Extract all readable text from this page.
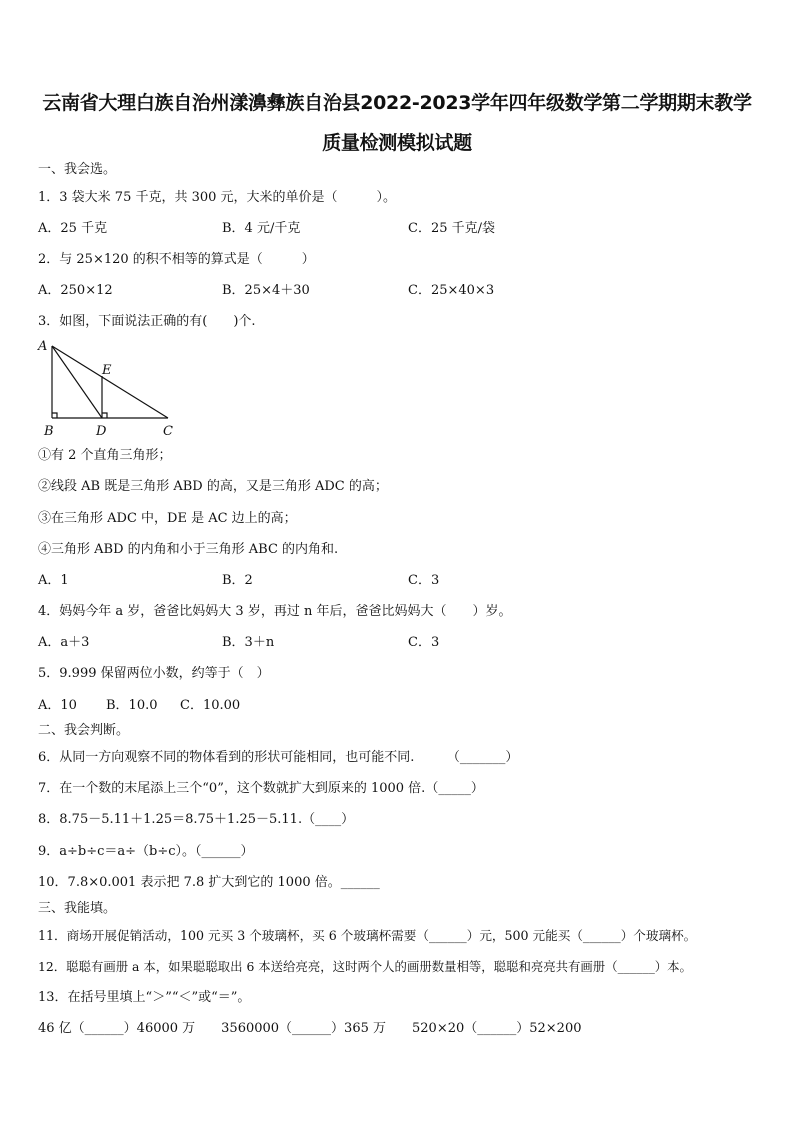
云南省大理白族自治州漾濞彝族自治县2022-2023学年四年级数学第二学期期末教学
质量检测模拟试题
一、我会选。
1．3 袋大米 75 千克，共 300 元，大米的单价是（　　　）。
A．25 千克	B．4 元/千克	C．25 千克/袋
2．与 25×120 的积不相等的算式是（　　　）
A．250×12	B．25×4＋30	C．25×40×3
3．如图，下面说法正确的有(　　)个.
A
B	D	C
E
①有 2 个直角三角形；
②线段 AB 既是三角形 ABD 的高，又是三角形 ADC 的高；
③在三角形 ADC 中，DE 是 AC 边上的高；
④三角形 ABD 的内角和小于三角形 ABC 的内角和.
A．1	B．2	C．3
4．妈妈今年 a 岁，爸爸比妈妈大 3 岁，再过 n 年后，爸爸比妈妈大（　　）岁。
A．a＋3	B．3＋n	C．3
5．9.999 保留两位小数，约等于（　）
A．10 B．10.0 C．10.00
二、我会判断。
6．从同一方向观察不同的物体看到的形状可能相同，也可能不同.　　　（_______）
7．在一个数的末尾添上三个“0”，这个数就扩大到原来的 1000 倍.（_____）
8．8.75－5.11＋1.25＝8.75＋1.25－5.11.（____）
9．a÷b÷c＝a÷（b÷c）。（______）
10．7.8×0.001 表示把 7.8 扩大到它的 1000 倍。______
三、我能填。
11．商场开展促销活动，100 元买 3 个玻璃杯，买 6 个玻璃杯需要（______）元，500 元能买（______）个玻璃杯。
12．聪聪有画册 a 本，如果聪聪取出 6 本送给亮亮，这时两个人的画册数量相等，聪聪和亮亮共有画册（______）本。
13．在括号里填上“＞”“＜”或“＝”。
46 亿（______）46000 万　　3560000（______）365 万　　520×20（______）52×200
